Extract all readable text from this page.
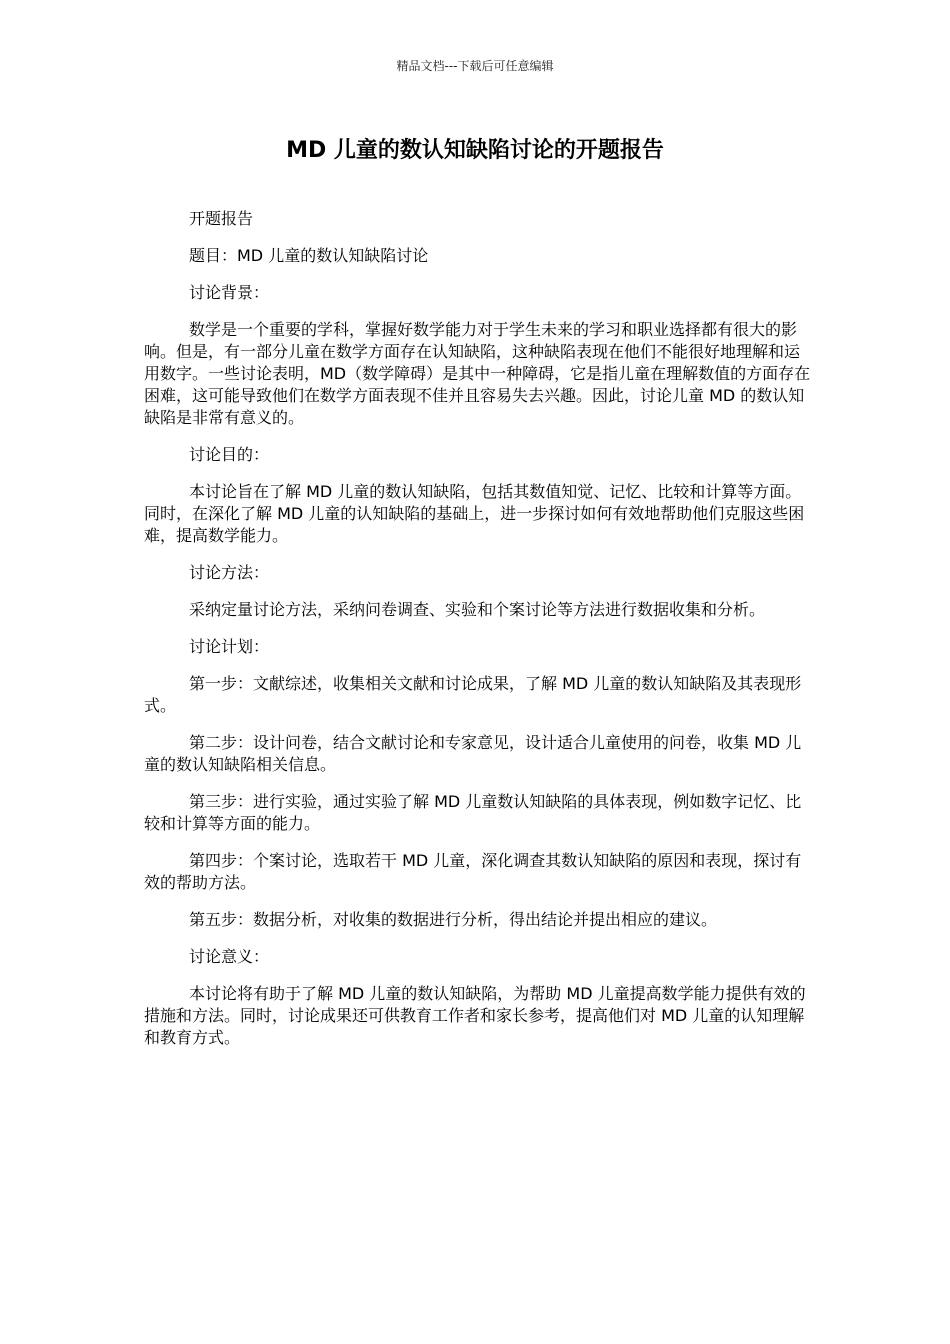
精品文档---下载后可任意编辑
MD 儿童的数认知缺陷讨论的开题报告

开题报告

题目：MD 儿童的数认知缺陷讨论

讨论背景：

数学是一个重要的学科，掌握好数学能力对于学生未来的学习和职业选择都有很大的影响。但是，有一部分儿童在数学方面存在认知缺陷，这种缺陷表现在他们不能很好地理解和运用数字。一些讨论表明，MD（数学障碍）是其中一种障碍，它是指儿童在理解数值的方面存在困难，这可能导致他们在数学方面表现不佳并且容易失去兴趣。因此，讨论儿童 MD 的数认知缺陷是非常有意义的。

讨论目的：

本讨论旨在了解 MD 儿童的数认知缺陷，包括其数值知觉、记忆、比较和计算等方面。同时，在深化了解 MD 儿童的认知缺陷的基础上，进一步探讨如何有效地帮助他们克服这些困难，提高数学能力。

讨论方法：

采纳定量讨论方法，采纳问卷调查、实验和个案讨论等方法进行数据收集和分析。

讨论计划：

第一步：文献综述，收集相关文献和讨论成果，了解 MD 儿童的数认知缺陷及其表现形式。

第二步：设计问卷，结合文献讨论和专家意见，设计适合儿童使用的问卷，收集 MD 儿童的数认知缺陷相关信息。

第三步：进行实验，通过实验了解 MD 儿童数认知缺陷的具体表现，例如数字记忆、比较和计算等方面的能力。

第四步：个案讨论，选取若干 MD 儿童，深化调查其数认知缺陷的原因和表现，探讨有效的帮助方法。

第五步：数据分析，对收集的数据进行分析，得出结论并提出相应的建议。

讨论意义：

本讨论将有助于了解 MD 儿童的数认知缺陷，为帮助 MD 儿童提高数学能力提供有效的措施和方法。同时，讨论成果还可供教育工作者和家长参考，提高他们对 MD 儿童的认知理解和教育方式。
